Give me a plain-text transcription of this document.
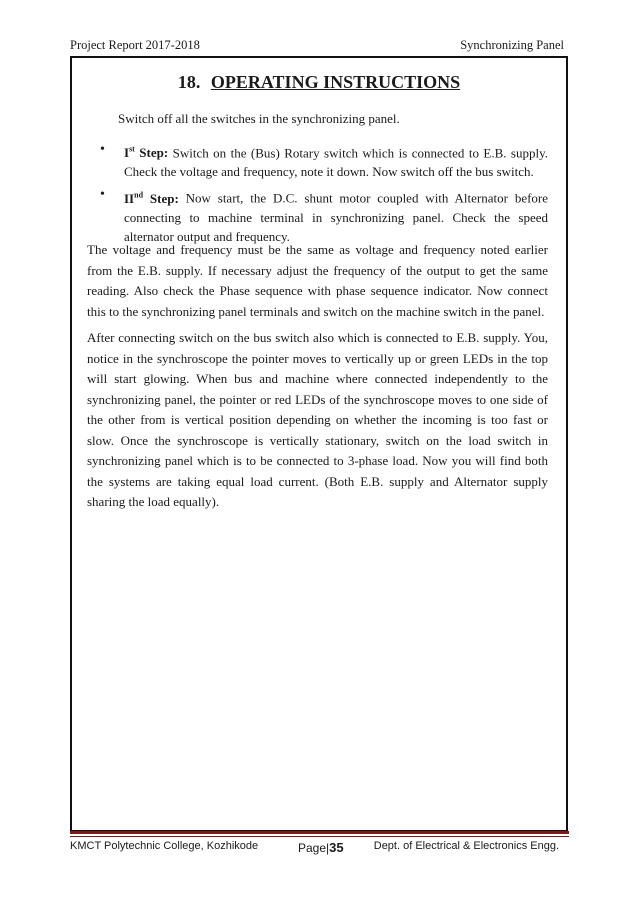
Project Report 2017-2018	Synchronizing Panel
18. OPERATING INSTRUCTIONS
Switch off all the switches in the synchronizing panel.
• Ist Step: Switch on the (Bus) Rotary switch which is connected to E.B. supply. Check the voltage and frequency, note it down. Now switch off the bus switch.
• IInd Step: Now start, the D.C. shunt motor coupled with Alternator before connecting to machine terminal in synchronizing panel. Check the speed alternator output and frequency.

The voltage and frequency must be the same as voltage and frequency noted earlier from the E.B. supply. If necessary adjust the frequency of the output to get the same reading. Also check the Phase sequence with phase sequence indicator. Now connect this to the synchronizing panel terminals and switch on the machine switch in the panel.

After connecting switch on the bus switch also which is connected to E.B. supply. You, notice in the synchroscope the pointer moves to vertically up or green LEDs in the top will start glowing. When bus and machine where connected independently to the synchronizing panel, the pointer or red LEDs of the synchroscope moves to one side of the other from is vertical position depending on whether the incoming is too fast or slow. Once the synchroscope is vertically stationary, switch on the load switch in synchronizing panel which is to be connected to 3-phase load. Now you will find both the systems are taking equal load current. (Both E.B. supply and Alternator supply sharing the load equally).

KMCT Polytechnic College, Kozhikode	Page|35	Dept. of Electrical & Electronics Engg.
